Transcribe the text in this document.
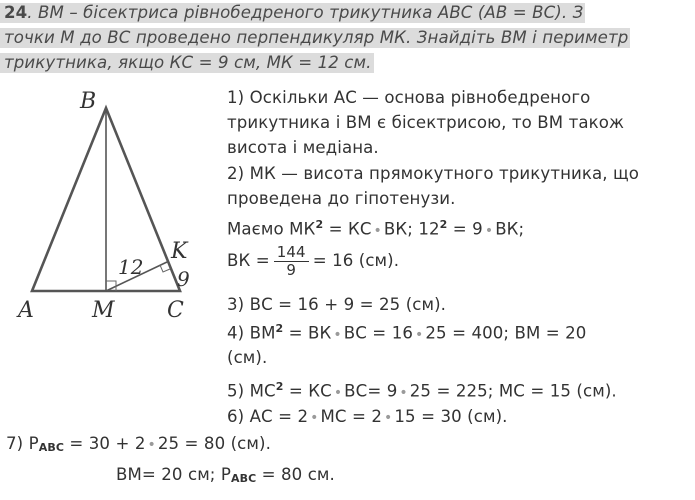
24. ВМ – бісектриса рівнобедреного трикутника АВС (АВ = ВС). З
точки М до ВС проведено перпендикуляр МК. Знайдіть ВМ і периметр
трикутника, якщо КС = 9 см, МК = 12 см.
B
A	M C
K
12 9
1) Оскільки АС — основа рівнобедреного
трикутника і ВМ є бісектрисою, то ВМ також
висота і медіана.
2) МК — висота прямокутного трикутника, що
проведена до гіпотенузи.
Маємо $МК^2$ = КС • ВК; $12^2 = 9$ • ВК;
ВК = $\frac{144}{9} = 16$ (см).
3) ВС = 16 + 9 = 25 (см).
4) $ВМ^2$ = ВК • ВС = 16 • 25 = 400; ВМ = 20
(см).
5) $МС^2$ = КС • ВС= 9 • 25 = 225; МС = 15 (см).
6) АС = 2 • МС = 2 • 15 = 30 (см).
7) РАВС = 30 + 2 • 25 = 80 (см).
ВМ= 20 см; РАВС = 80 см.
